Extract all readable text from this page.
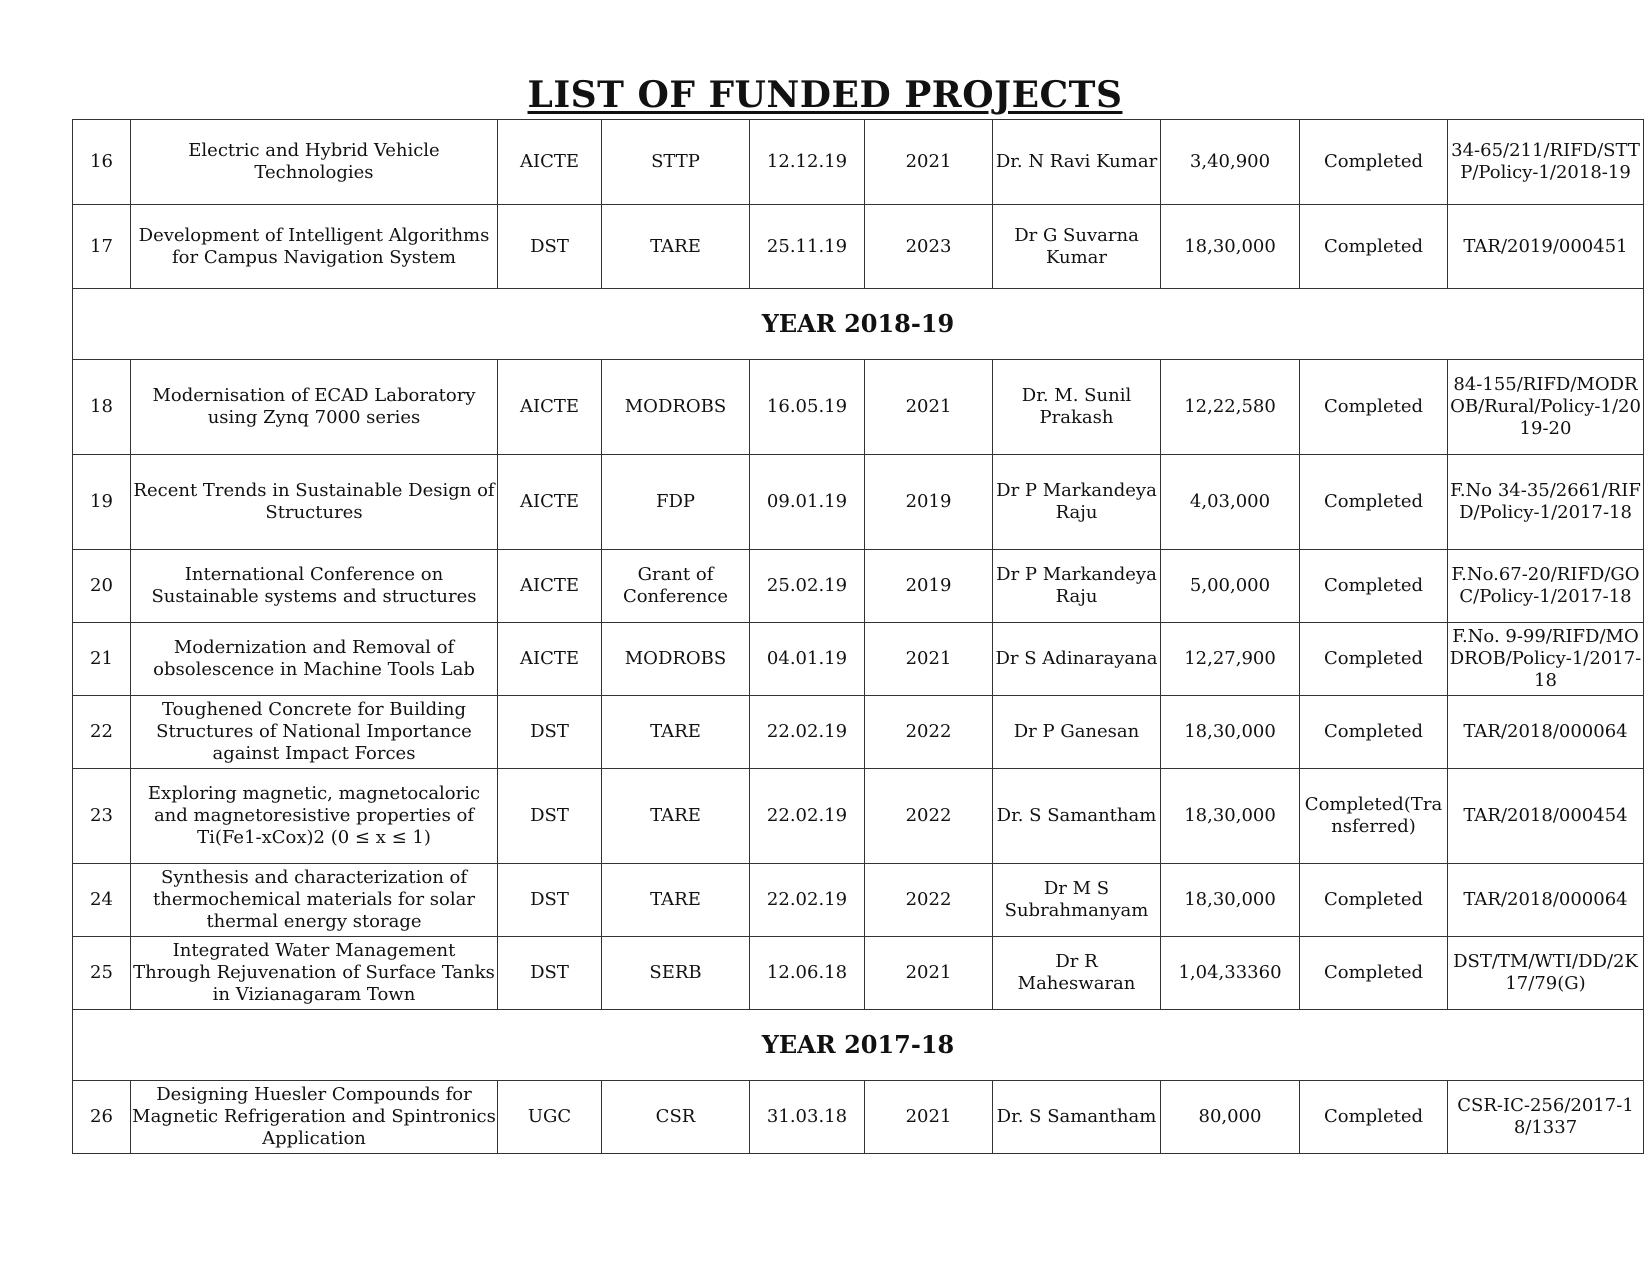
LIST OF FUNDED PROJECTS
16	Electric and Hybrid Vehicle Technologies	AICTE	STTP	12.12.19	2021	Dr. N Ravi Kumar	3,40,900	Completed	34-65/211/RIFD/STTP/Policy-1/2018-19
17	Development of Intelligent Algorithms for Campus Navigation System	DST	TARE	25.11.19	2023	Dr G Suvarna Kumar	18,30,000	Completed	TAR/2019/000451
YEAR 2018-19									
18	Modernisation of ECAD Laboratory using Zynq 7000 series	AICTE	MODROBS	16.05.19	2021	Dr. M. Sunil Prakash	12,22,580	Completed	84-155/RIFD/MODROB/Rural/Policy-1/2019-20
19	Recent Trends in Sustainable Design of Structures	AICTE	FDP	09.01.19	2019	Dr P Markandeya Raju	4,03,000	Completed	F.No 34-35/2661/RIFD/Policy-1/2017-18
20	International Conference on Sustainable systems and structures	AICTE	Grant of Conference	25.02.19	2019	Dr P Markandeya Raju	5,00,000	Completed	F.No.67-20/RIFD/GOC/Policy-1/2017-18
21	Modernization and Removal of obsolescence in Machine Tools Lab	AICTE	MODROBS	04.01.19	2021	Dr S Adinarayana	12,27,900	Completed	F.No. 9-99/RIFD/MODROB/Policy-1/2017-18
22	Toughened Concrete for Building Structures of National Importance against Impact Forces	DST	TARE	22.02.19	2022	Dr P Ganesan	18,30,000	Completed	TAR/2018/000064
23	Exploring magnetic, magnetocaloric and magnetoresistive properties of Ti(Fe1-xCox)2 (0 ≤ x ≤ 1)	DST	TARE	22.02.19	2022	Dr. S Samantham	18,30,000	Completed(Transferred)	TAR/2018/000454
24	Synthesis and characterization of thermochemical materials for solar thermal energy storage	DST	TARE	22.02.19	2022	Dr M S Subrahmanyam	18,30,000	Completed	TAR/2018/000064
25	Integrated Water Management Through Rejuvenation of Surface Tanks in Vizianagaram Town	DST	SERB	12.06.18	2021	Dr R Maheswaran	1,04,33360	Completed	DST/TM/WTI/DD/2K17/79(G)
YEAR 2017-18									
26	Designing Huesler Compounds for Magnetic Refrigeration and Spintronics Application	UGC	CSR	31.03.18	2021	Dr. S Samantham	80,000	Completed	CSR-IC-256/2017-18/1337
